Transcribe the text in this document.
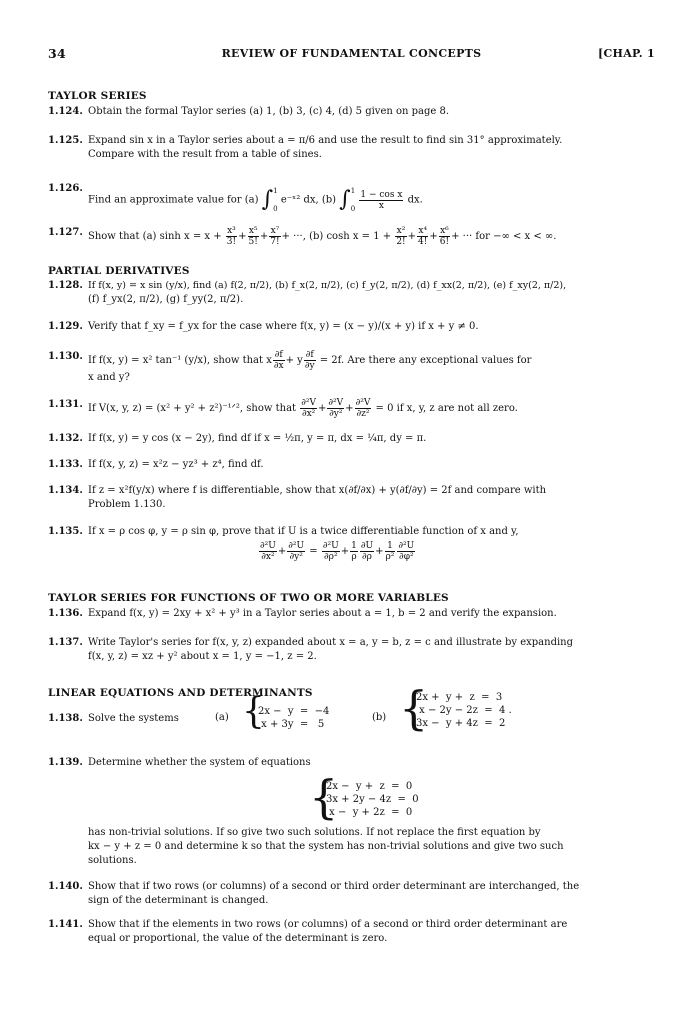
34	REVIEW OF FUNDAMENTAL CONCEPTS	[CHAP. 1
TAYLOR SERIES
1.124. Obtain the formal Taylor series (a) 1, (b) 3, (c) 4, (d) 5 given on page 8.
1.125. Expand sin x in a Taylor series about a = π/6 and use the result to find sin 31° approximately.
Compare with the result from a table of sines.
1.126.
Find an approximate value for (a) ∫ 1
0
e⁻ˣ² dx, (b) ∫ 1
0
$\frac{\text{1 − cos x}}{x}$ dx.
1.127. Show that (a) $\sinh x = x + \frac{\text{x³}}{3!} + \frac{\text{x⁵}}{5!} + \frac{\text{x⁷}}{7!}$ + ···, (b) $\cosh x = 1 + \frac{\text{x²}}{2!} + \frac{\text{x⁴}}{4!} + \frac{\text{x⁶}}{6!}$ + ··· for −∞ < x < ∞.
PARTIAL DERIVATIVES
1.128. If f(x, y) = x sin (y/x), find (a) f(2, π/2), (b) f_x(2, π/2), (c) f_y(2, π/2), (d) f_xx(2, π/2), (e) f_xy(2, π/2),
(f) f_yx(2, π/2), (g) f_yy(2, π/2).
1.129. Verify that f_xy = f_yx for the case where f(x, y) = (x − y)/(x + y) if x + y ≠ 0.
1.130. If f(x, y) = x² tan⁻¹ (y/x), show that x $\frac{\partial f}{\partial x} + y \frac{\partial f}{\partial y} = 2f$. Are there any exceptional values for
x and y?
1.131. If V(x, y, z) = (x² + y² + z²)⁻¹ᐟ², show that $\frac{\text{∂²V}}{\text{∂x²}} + \frac{\text{∂²V}}{\text{∂y²}} + \frac{\text{∂²V}}{\text{∂z²}} = 0$ if x, y, z are not all zero.
1.132. If f(x, y) = y cos (x − 2y), find df if x = ½π, y = π, dx = ¼π, dy = π.
1.133. If f(x, y, z) = x²z − yz³ + z⁴, find df.
1.134. If z = x²f(y/x) where f is differentiable, show that x(∂f/∂x) + y(∂f/∂y) = 2f and compare with
Problem 1.130.
1.135. If x = ρ cos φ, y = ρ sin φ, prove that if U is a twice differentiable function of x and y,
$\frac{\text{∂²U}}{\text{∂x²}} + \frac{\text{∂²U}}{\text{∂y²}} = \frac{\text{∂²U}}{\text{∂ρ²}} + \frac{1}{\rho} \frac{\partial U}{\partial\rho} + \frac{1}{\text{ρ²}} \frac{\text{∂²U}}{\text{∂φ²}}$
TAYLOR SERIES FOR FUNCTIONS OF TWO OR MORE VARIABLES
1.136. Expand f(x, y) = 2xy + x² + y³ in a Taylor series about a = 1, b = 2 and verify the expansion.
1.137. Write Taylor's series for f(x, y, z) expanded about x = a, y = b, z = c and illustrate by expanding
f(x, y, z) = xz + y² about x = 1, y = −1, z = 2.
LINEAR EQUATIONS AND DETERMINANTS
1.138. Solve the systems	(a) {
2x −  y  =  −4
x + 3y  =   5
(b) {
2x +  y +  z  =  3
x − 2y − 2z  =  4 .
3x −  y + 4z  =  2
1.139. Determine whether the system of equations
{
2x −  y +  z  =  0
3x + 2y − 4z  =  0
x −  y + 2z  =  0
has non-trivial solutions. If so give two such solutions. If not replace the first equation by
kx − y + z = 0 and determine k so that the system has non-trivial solutions and give two such
solutions.
1.140. Show that if two rows (or columns) of a second or third order determinant are interchanged, the
sign of the determinant is changed.
1.141. Show that if the elements in two rows (or columns) of a second or third order determinant are
equal or proportional, the value of the determinant is zero.
